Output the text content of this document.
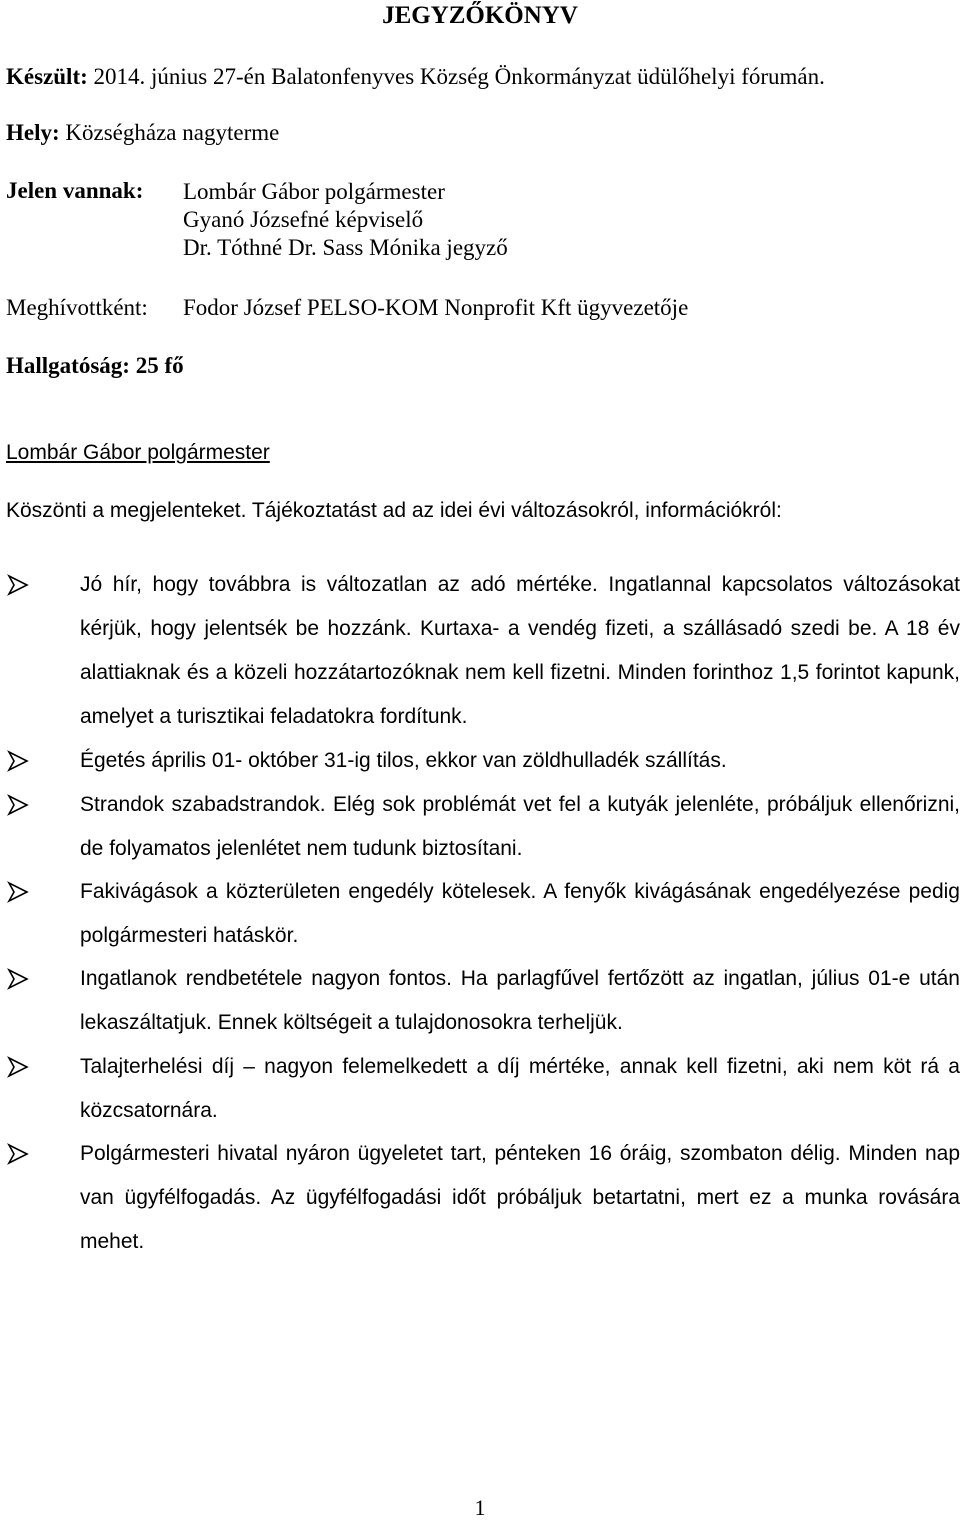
JEGYZŐKÖNYV
Készült: 2014. június 27-én Balatonfenyves Község Önkormányzat üdülőhelyi fórumán.
Hely: Községháza nagyterme
Jelen vannak: Lombár Gábor polgármester
Gyanó Józsefné képviselő
Dr. Tóthné Dr. Sass Mónika jegyző
Meghívottként: Fodor József PELSO-KOM Nonprofit Kft ügyvezetője
Hallgatóság: 25 fő
Lombár Gábor polgármester
Köszönti a megjelenteket. Tájékoztatást ad az idei évi változásokról, információkról:
Jó hír, hogy továbbra is változatlan az adó mértéke. Ingatlannal kapcsolatos változásokat kérjük, hogy jelentsék be hozzánk. Kurtaxa- a vendég fizeti, a szállásadó szedi be. A 18 év alattiaknak és a közeli hozzátartozóknak nem kell fizetni. Minden forinthoz 1,5 forintot kapunk, amelyet a turisztikai feladatokra fordítunk.
Égetés április 01- október 31-ig tilos, ekkor van zöldhulladék szállítás.
Strandok szabadstrandok. Elég sok problémát vet fel a kutyák jelenléte, próbáljuk ellenőrizni, de folyamatos jelenlétet nem tudunk biztosítani.
Fakivágások a közterületen engedély kötelesek. A fenyők kivágásának engedélyezése pedig polgármesteri hatáskör.
Ingatlanok rendbetétele nagyon fontos. Ha parlagfűvel fertőzött az ingatlan, július 01-e után lekaszáltatjuk. Ennek költségeit a tulajdonosokra terheljük.
Talajterhelési díj – nagyon felemelkedett a díj mértéke, annak kell fizetni, aki nem köt rá a közcsatornára.
Polgármesteri hivatal nyáron ügyeletet tart, pénteken 16 óráig, szombaton délig. Minden nap van ügyfélfogadás. Az ügyfélfogadási időt próbáljuk betartatni, mert ez a munka rovására mehet.
1
